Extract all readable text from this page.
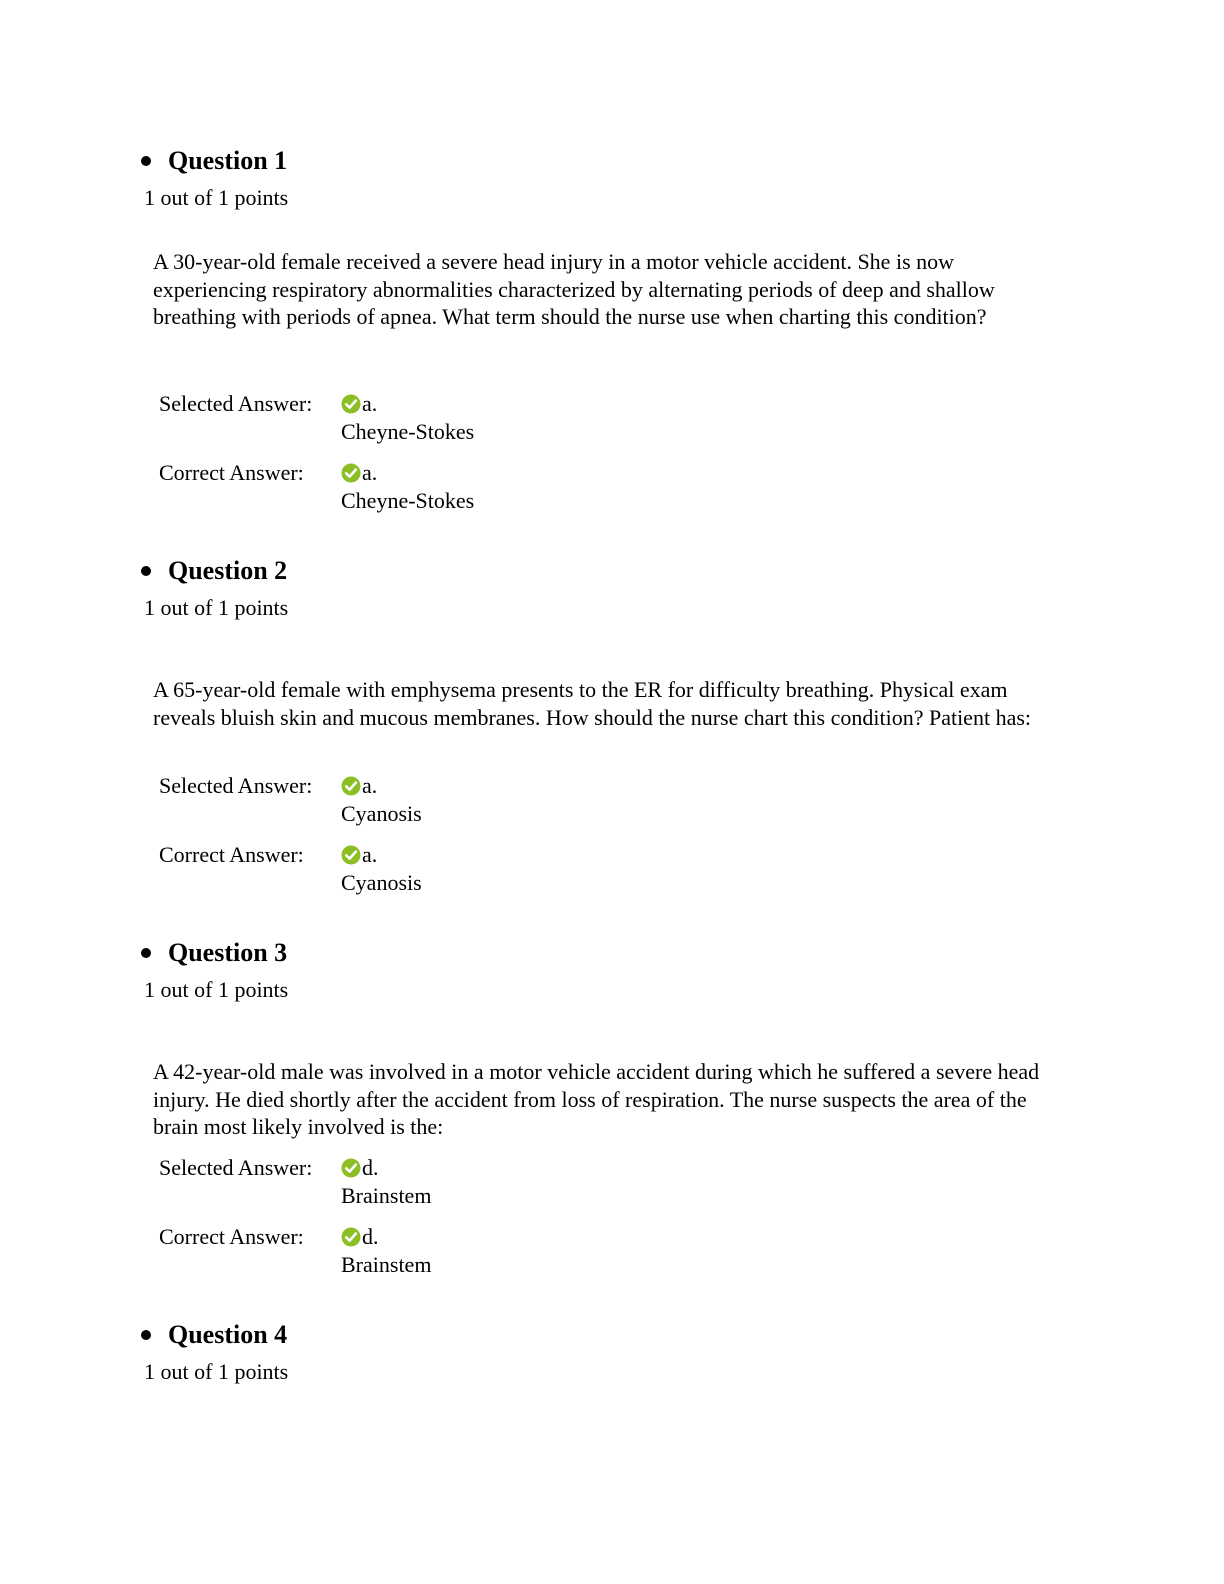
Question 1
1 out of 1 points
A 30-year-old female received a severe head injury in a motor vehicle accident. She is now experiencing respiratory abnormalities characterized by alternating periods of deep and shallow breathing with periods of apnea. What term should the nurse use when charting this condition?
Selected Answer: a.
Cheyne-Stokes
Correct Answer:	a.
Cheyne-Stokes
Question 2
1 out of 1 points
A 65-year-old female with emphysema presents to the ER for difficulty breathing. Physical exam reveals bluish skin and mucous membranes. How should the nurse chart this condition? Patient has:
Selected Answer: a.
Cyanosis
Correct Answer:	a.
Cyanosis
Question 3
1 out of 1 points
A 42-year-old male was involved in a motor vehicle accident during which he suffered a severe head injury. He died shortly after the accident from loss of respiration. The nurse suspects the area of the brain most likely involved is the:
Selected Answer: d.
Brainstem
Correct Answer:	d.
Brainstem
Question 4
1 out of 1 points
